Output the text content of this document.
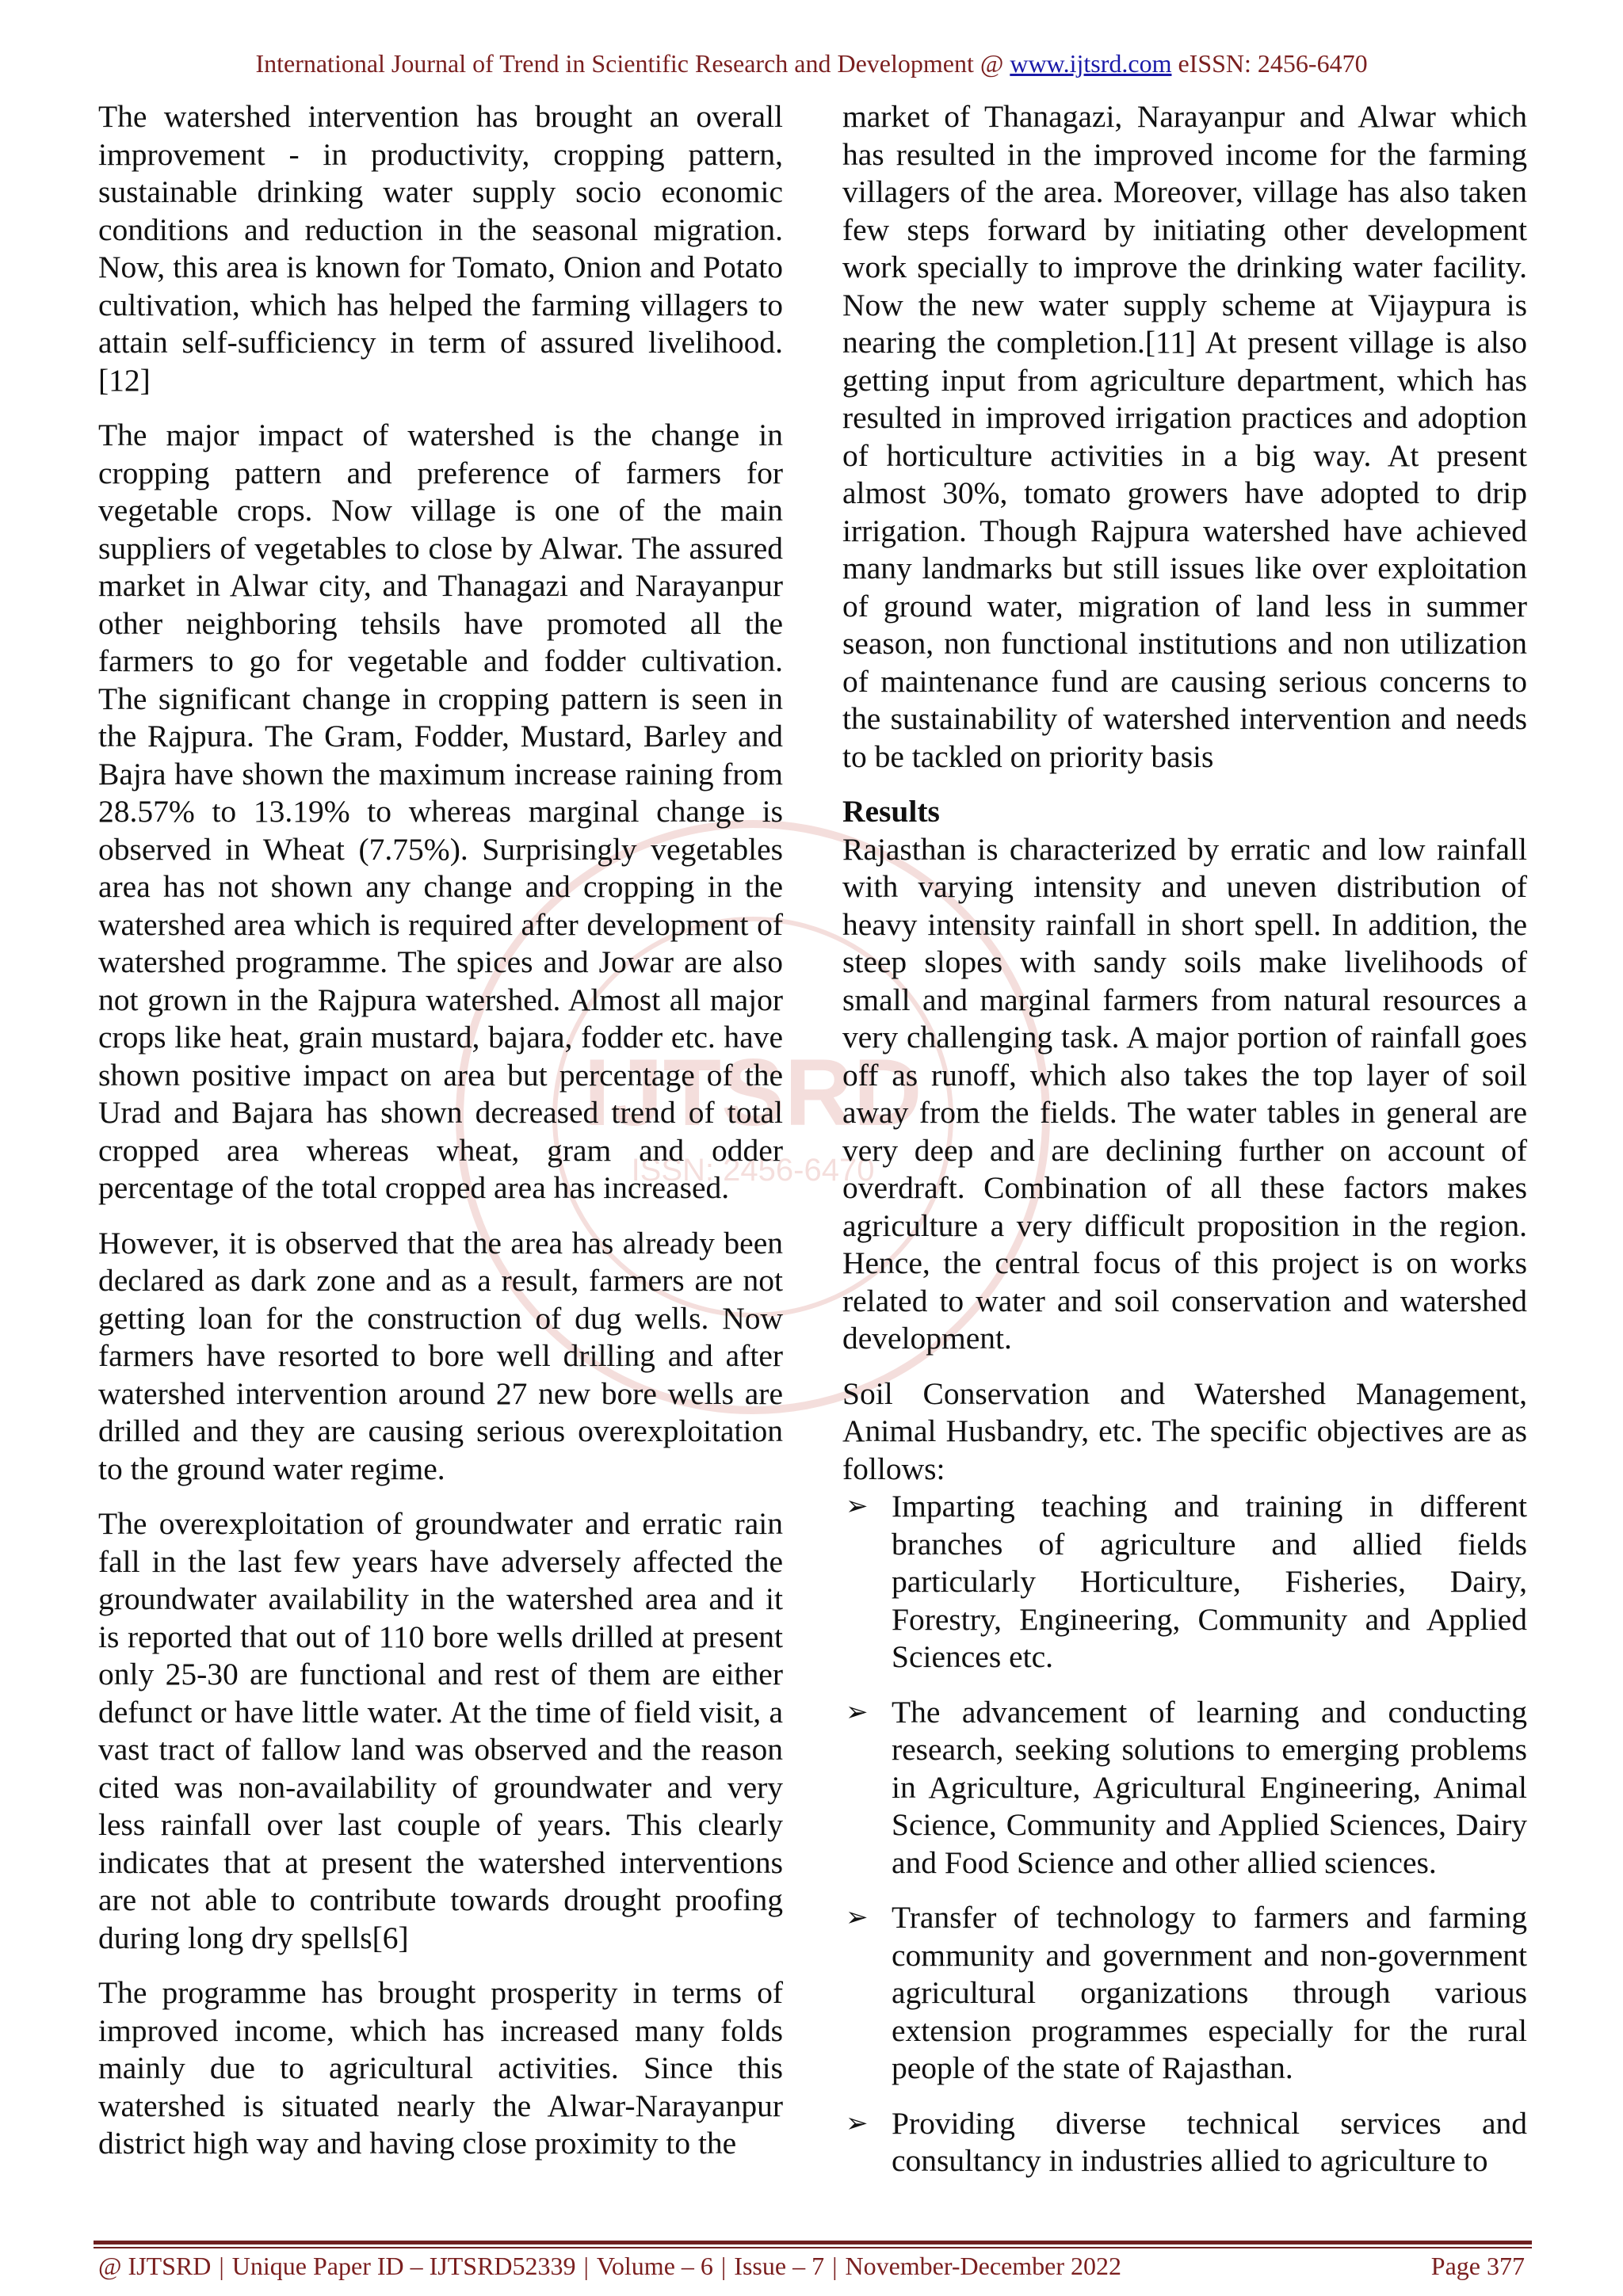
International Journal of Trend in Scientific Research and Development @ www.ijtsrd.com eISSN: 2456-6470
IJTSRD
ISSN: 2456-6470

The watershed intervention has brought an overall improvement - in productivity, cropping pattern, sustainable drinking water supply socio economic conditions and reduction in the seasonal migration. Now, this area is known for Tomato, Onion and Potato cultivation, which has helped the farming villagers to attain self-sufficiency in term of assured livelihood. [12]

The major impact of watershed is the change in cropping pattern and preference of farmers for vegetable crops. Now village is one of the main suppliers of vegetables to close by Alwar. The assured market in Alwar city, and Thanagazi and Narayanpur other neighboring tehsils have promoted all the farmers to go for vegetable and fodder cultivation. The significant change in cropping pattern is seen in the Rajpura. The Gram, Fodder, Mustard, Barley and Bajra have shown the maximum increase raining from 28.57% to 13.19% to whereas marginal change is observed in Wheat (7.75%). Surprisingly vegetables area has not shown any change and cropping in the watershed area which is required after development of watershed programme. The spices and Jowar are also not grown in the Rajpura watershed. Almost all major crops like heat, grain mustard, bajara, fodder etc. have shown positive impact on area but percentage of the Urad and Bajara has shown decreased trend of total cropped area whereas wheat, gram and odder percentage of the total cropped area has increased.

However, it is observed that the area has already been declared as dark zone and as a result, farmers are not getting loan for the construction of dug wells. Now farmers have resorted to bore well drilling and after watershed intervention around 27 new bore wells are drilled and they are causing serious overexploitation to the ground water regime.

The overexploitation of groundwater and erratic rain fall in the last few years have adversely affected the groundwater availability in the watershed area and it is reported that out of 110 bore wells drilled at present only 25-30 are functional and rest of them are either defunct or have little water. At the time of field visit, a vast tract of fallow land was observed and the reason cited was non-availability of groundwater and very less rainfall over last couple of years. This clearly indicates that at present the watershed interventions are not able to contribute towards drought proofing during long dry spells[6]

The programme has brought prosperity in terms of improved income, which has increased many folds mainly due to agricultural activities. Since this watershed is situated nearly the Alwar-Narayanpur district high way and having close proximity to the

market of Thanagazi, Narayanpur and Alwar which has resulted in the improved income for the farming villagers of the area. Moreover, village has also taken few steps forward by initiating other development work specially to improve the drinking water facility. Now the new water supply scheme at Vijaypura is nearing the completion.[11] At present village is also getting input from agriculture department, which has resulted in improved irrigation practices and adoption of horticulture activities in a big way. At present almost 30%, tomato growers have adopted to drip irrigation. Though Rajpura watershed have achieved many landmarks but still issues like over exploitation of ground water, migration of land less in summer season, non functional institutions and non utilization of maintenance fund are causing serious concerns to the sustainability of watershed intervention and needs to be tackled on priority basis

Results

Rajasthan is characterized by erratic and low rainfall with varying intensity and uneven distribution of heavy intensity rainfall in short spell. In addition, the steep slopes with sandy soils make livelihoods of small and marginal farmers from natural resources a very challenging task. A major portion of rainfall goes off as runoff, which also takes the top layer of soil away from the fields. The water tables in general are very deep and are declining further on account of overdraft. Combination of all these factors makes agriculture a very difficult proposition in the region. Hence, the central focus of this project is on works related to water and soil conservation and watershed development.

Soil Conservation and Watershed Management, Animal Husbandry, etc. The specific objectives are as follows:

➢ Imparting teaching and training in different branches of agriculture and allied fields particularly Horticulture, Fisheries, Dairy, Forestry, Engineering, Community and Applied Sciences etc.
➢ The advancement of learning and conducting research, seeking solutions to emerging problems in Agriculture, Agricultural Engineering, Animal Science, Community and Applied Sciences, Dairy and Food Science and other allied sciences.
➢ Transfer of technology to farmers and farming community and government and non-government agricultural organizations through various extension programmes especially for the rural people of the state of Rajasthan.
➢ Providing diverse technical services and consultancy in industries allied to agriculture to
@ IJTSRD | Unique Paper ID – IJTSRD52339 | Volume – 6 | Issue – 7 | November-December 2022	Page 377
